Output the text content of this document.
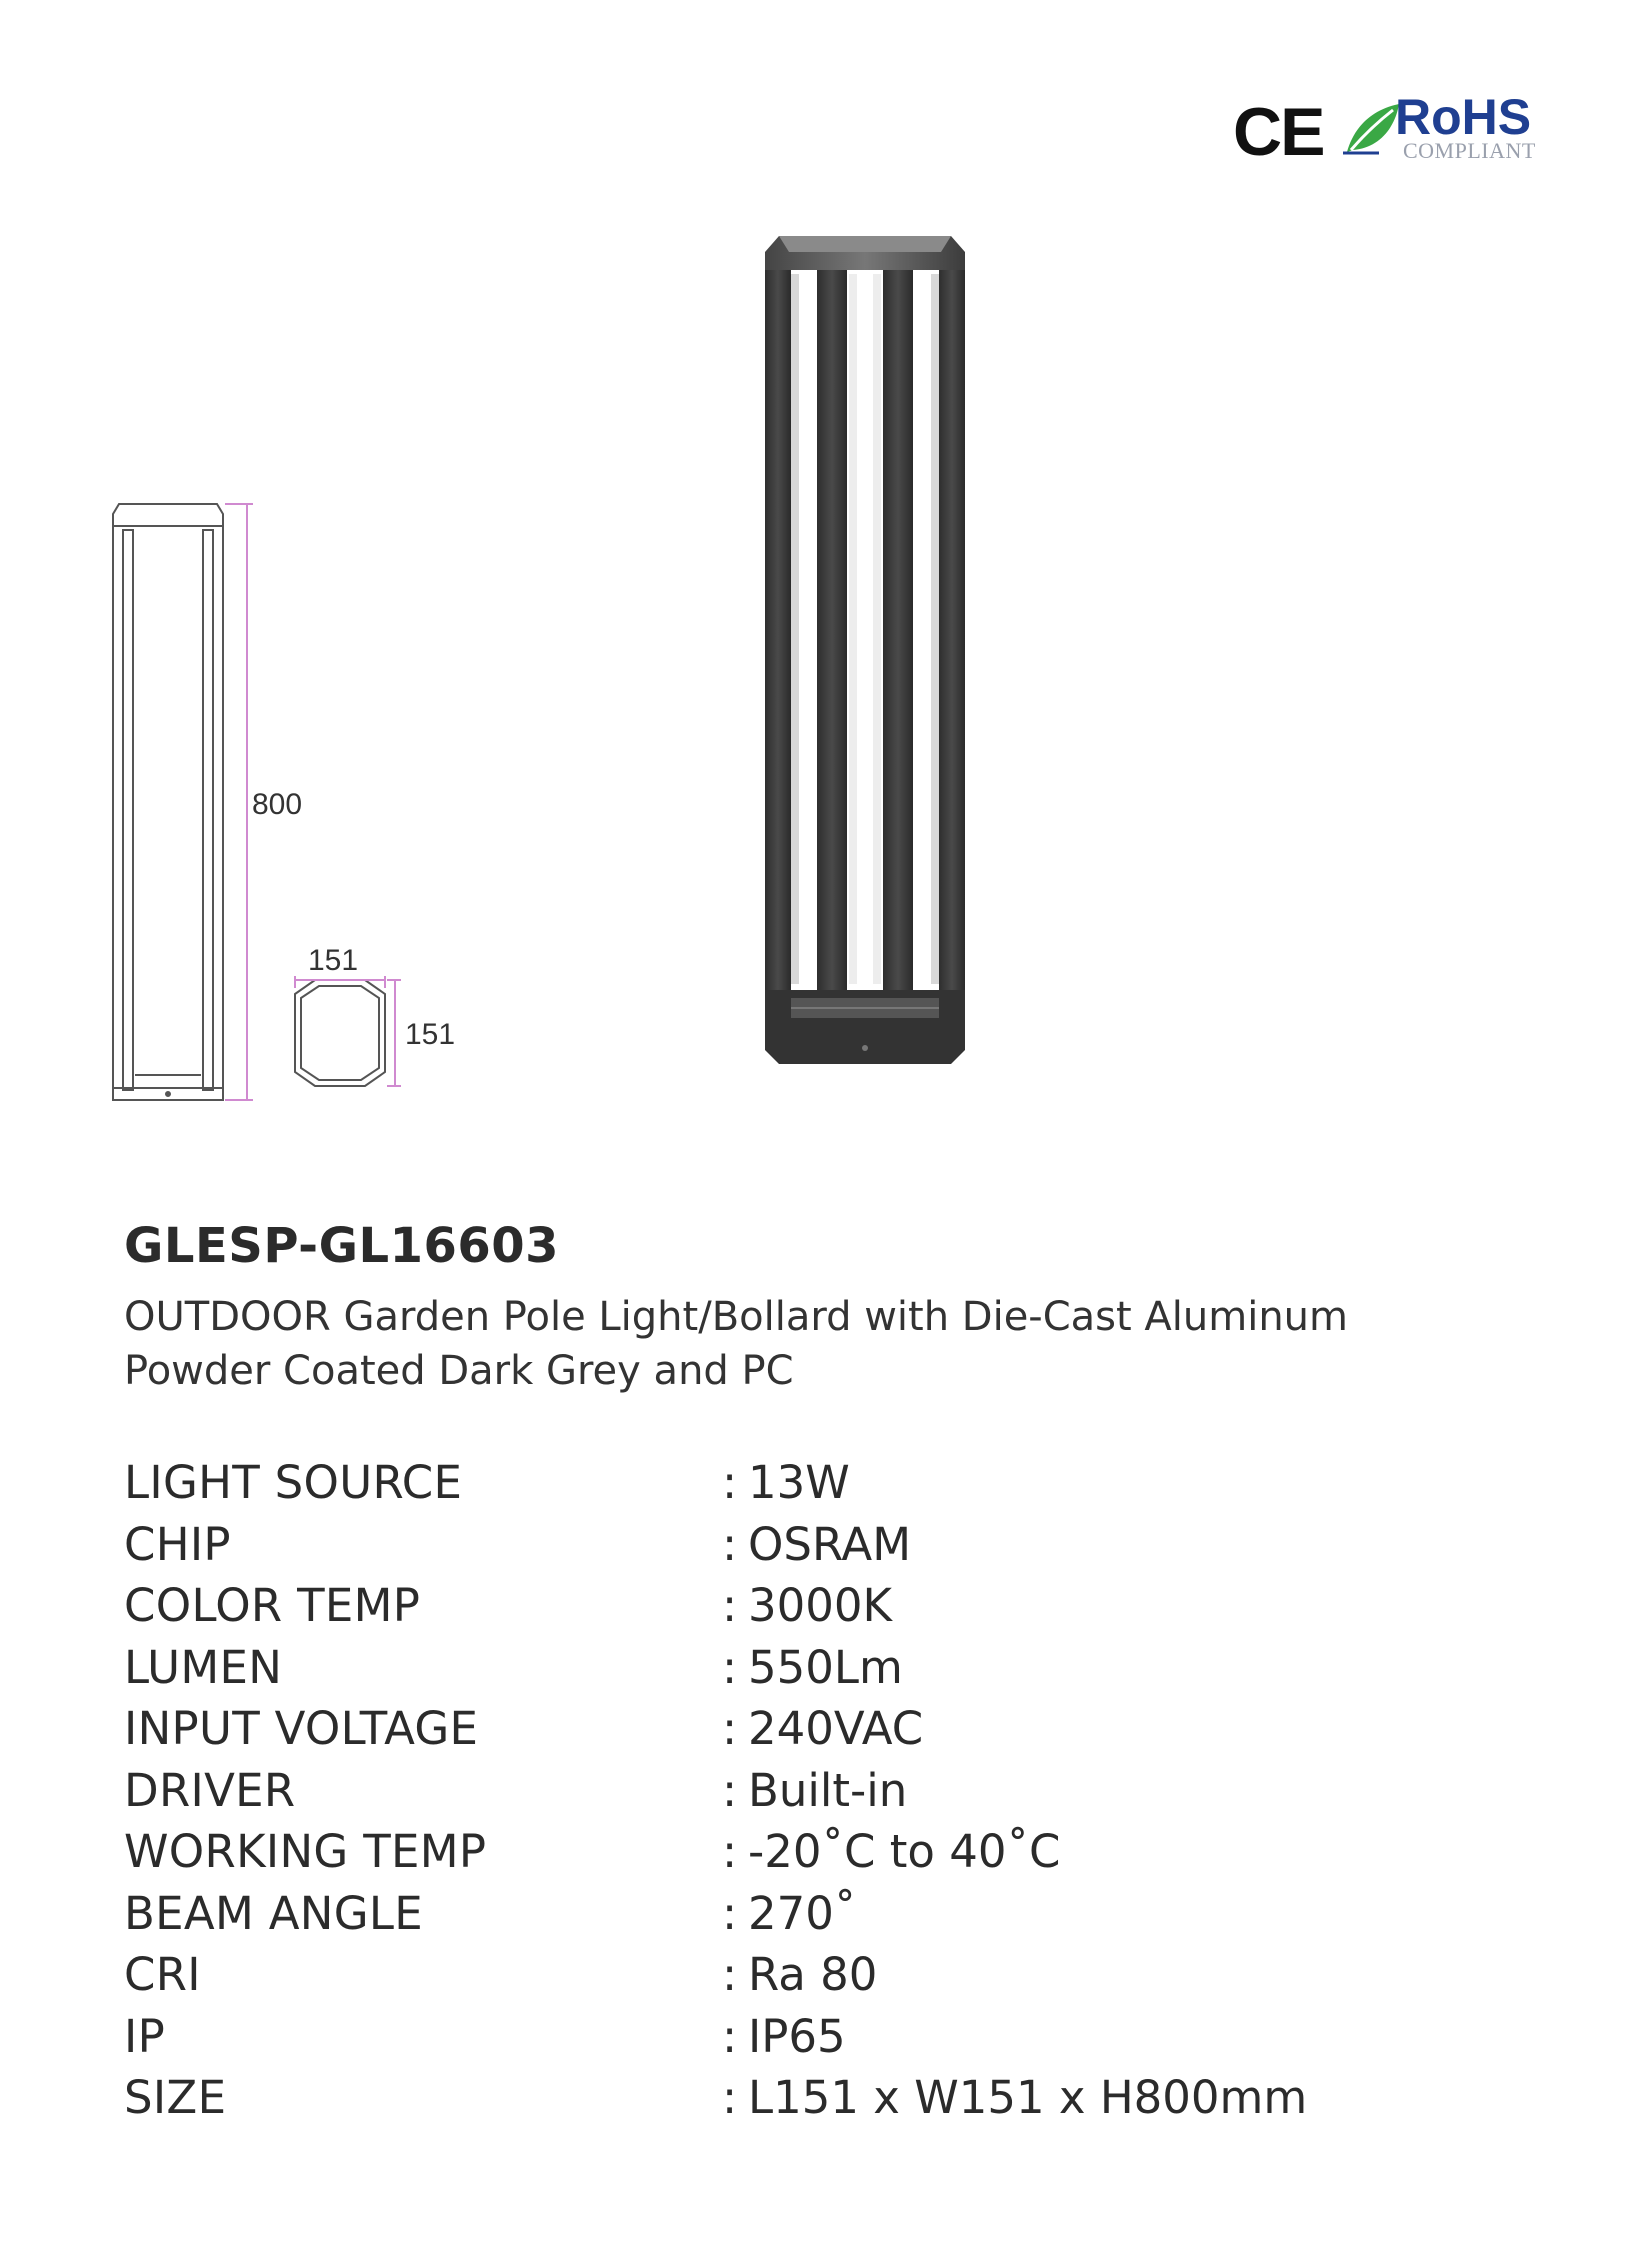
CE RoHS
COMPLIANT
800
151
151
GLESP-GL16603

OUTDOOR Garden Pole Light/Bollard with Die-Cast Aluminum
Powder Coated Dark Grey and PC

LIGHT SOURCE	: 13W
CHIP	: OSRAM
COLOR TEMP	: 3000K
LUMEN	: 550Lm
INPUT VOLTAGE	: 240VAC
DRIVER	: Built-in
WORKING TEMP	: -20˚C to 40˚C
BEAM ANGLE	: 270˚
CRI	: Ra 80
IP	: IP65
SIZE	: L151 x W151 x H800mm
